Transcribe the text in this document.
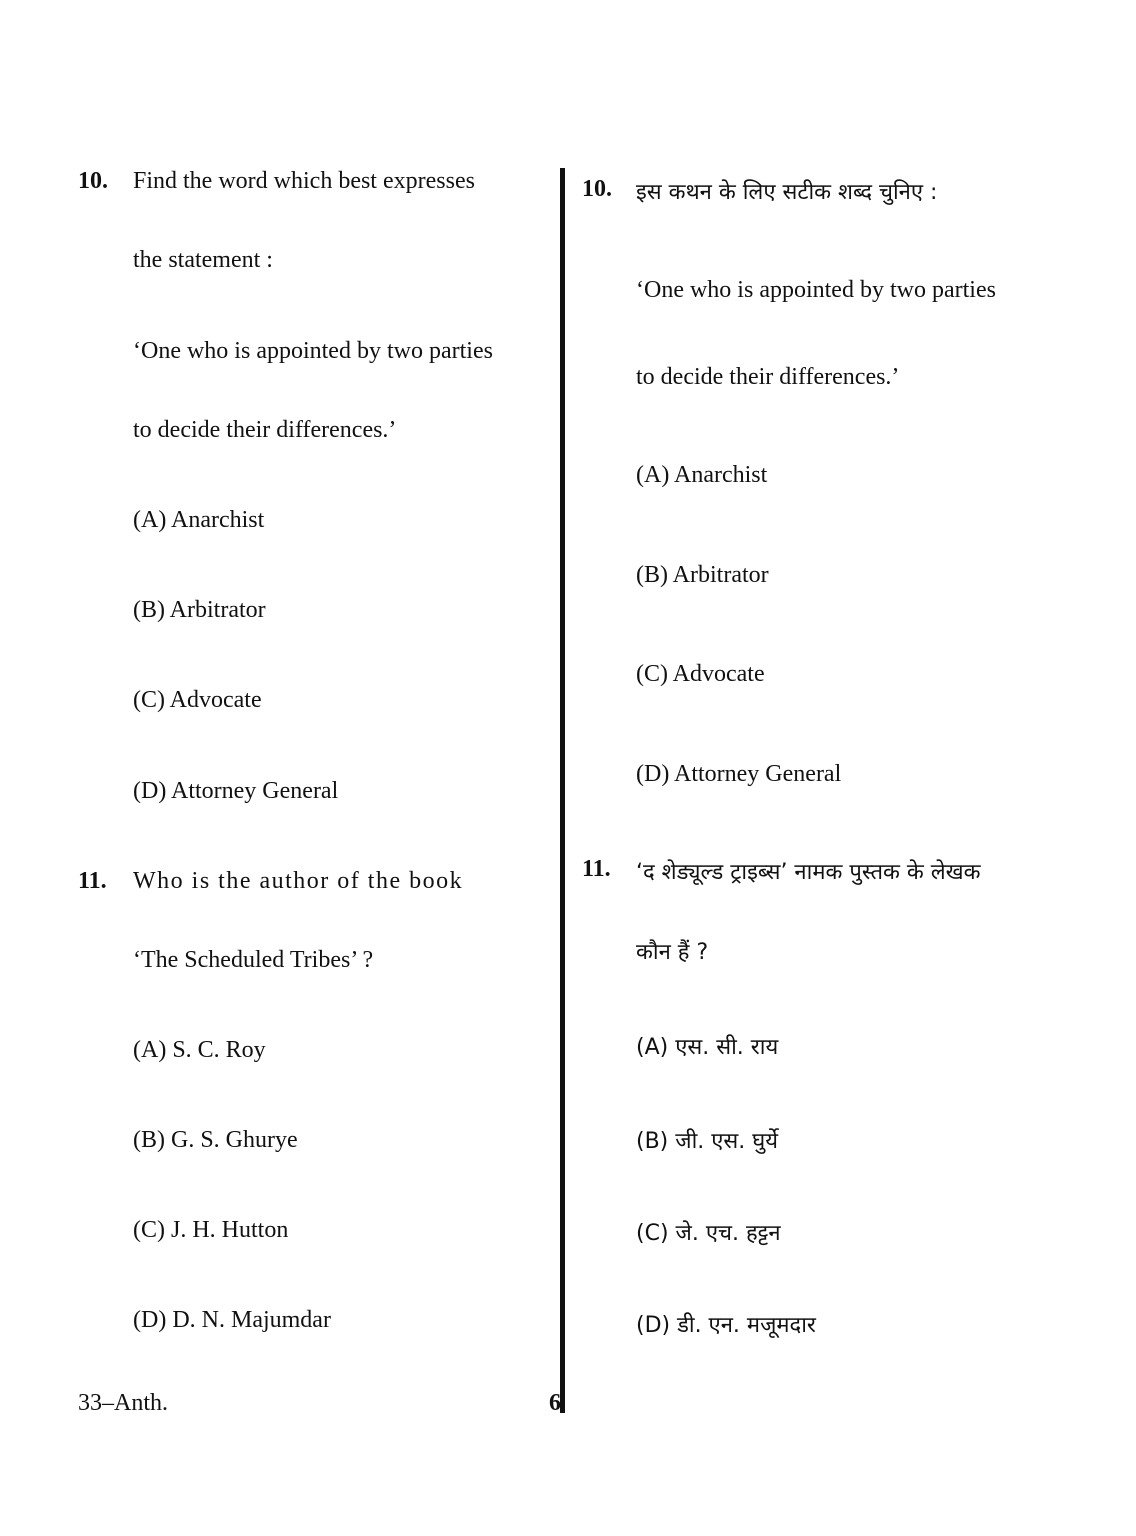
10. Find the word which best expresses
the statement :
‘One who is appointed by two parties
to decide their differences.’
(A) Anarchist
(B) Arbitrator
(C) Advocate
(D) Attorney General
11. Who is the author of the book
‘The Scheduled Tribes’ ?
(A) S. C. Roy
(B) G. S. Ghurye
(C) J. H. Hutton
(D) D. N. Majumdar
10. इस कथन के लिए सटीक शब्द चुनिए :
‘One who is appointed by two parties
to decide their differences.’
(A) Anarchist
(B) Arbitrator
(C) Advocate
(D) Attorney General
11. ‘द शेड्यूल्ड ट्राइब्स’ नामक पुस्तक के लेखक
कौन हैं ?
(A) एस. सी. राय
(B) जी. एस. घुर्ये
(C) जे. एच. हट्टन
(D) डी. एन. मजूमदार
33–Anth.	6
